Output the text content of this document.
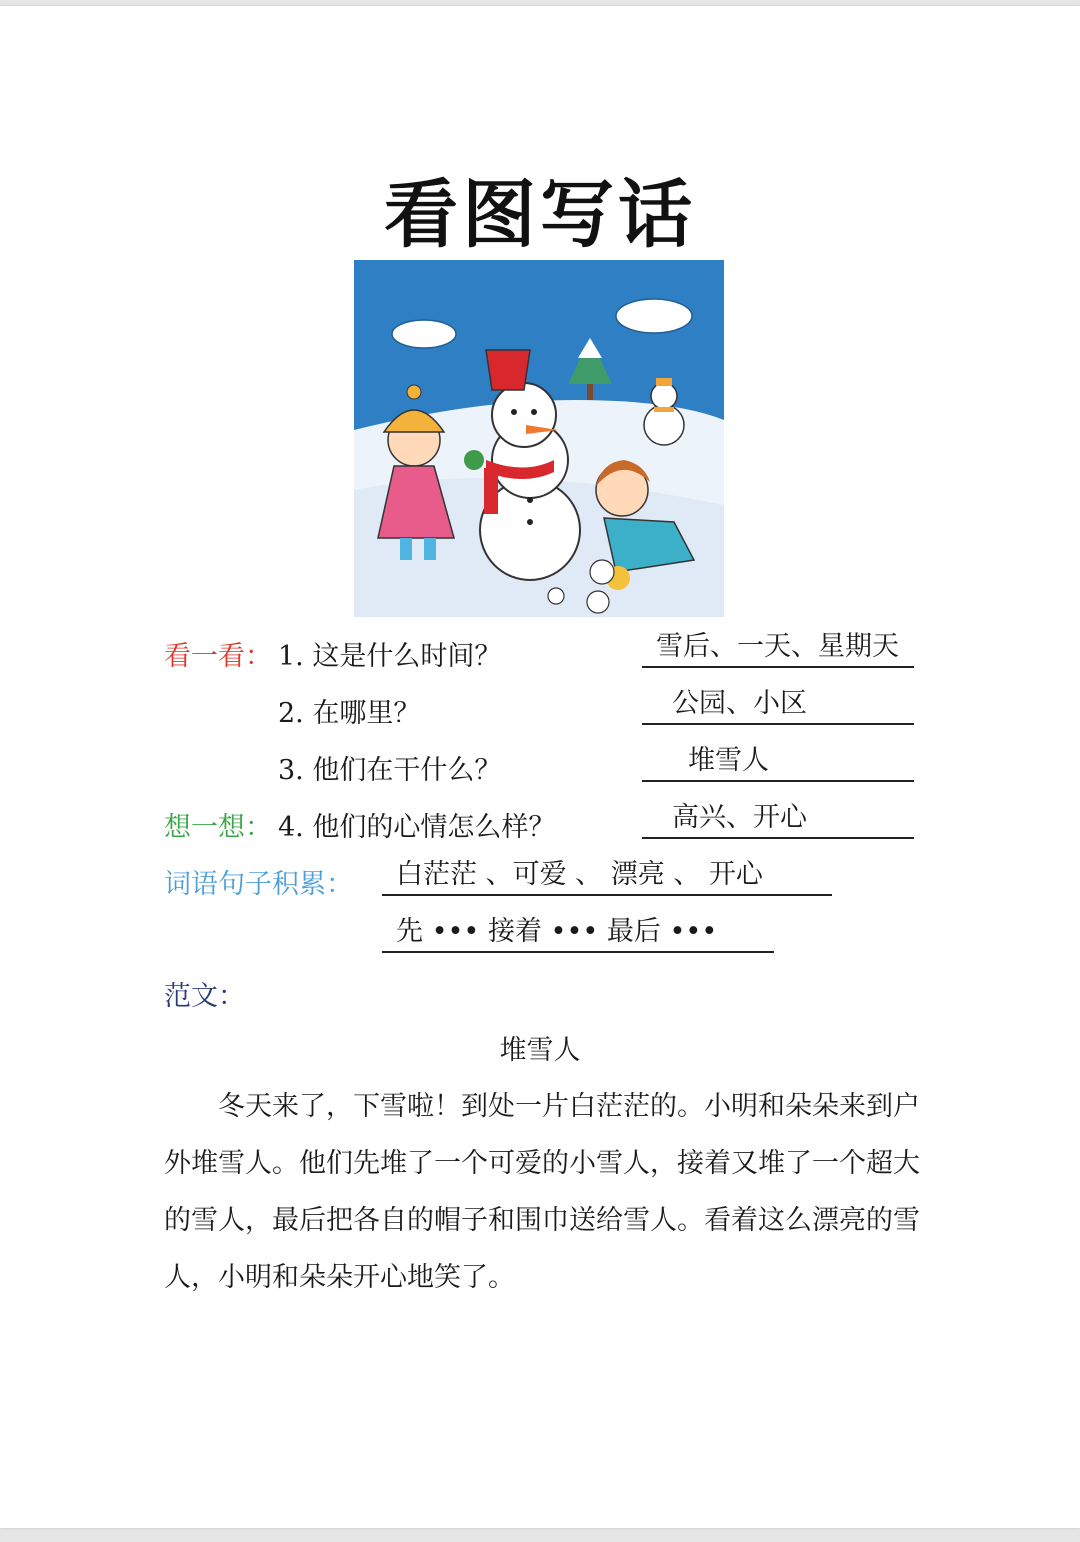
看图写话
看一看： 1. 这是什么时间？	雪后、一天、星期天
2. 在哪里？	公园、小区
3. 他们在干什么？	堆雪人
想一想： 4. 他们的心情怎么样？	高兴、开心
词语句子积累：	白茫茫 、可爱 、 漂亮 、 开心
先 ••• 接着 ••• 最后 •••
范文：
堆雪人
冬天来了，下雪啦！到处一片白茫茫的。小明和朵朵来到户外堆雪人。他们先堆了一个可爱的小雪人，接着又堆了一个超大的雪人，最后把各自的帽子和围巾送给雪人。看着这么漂亮的雪人，小明和朵朵开心地笑了。
